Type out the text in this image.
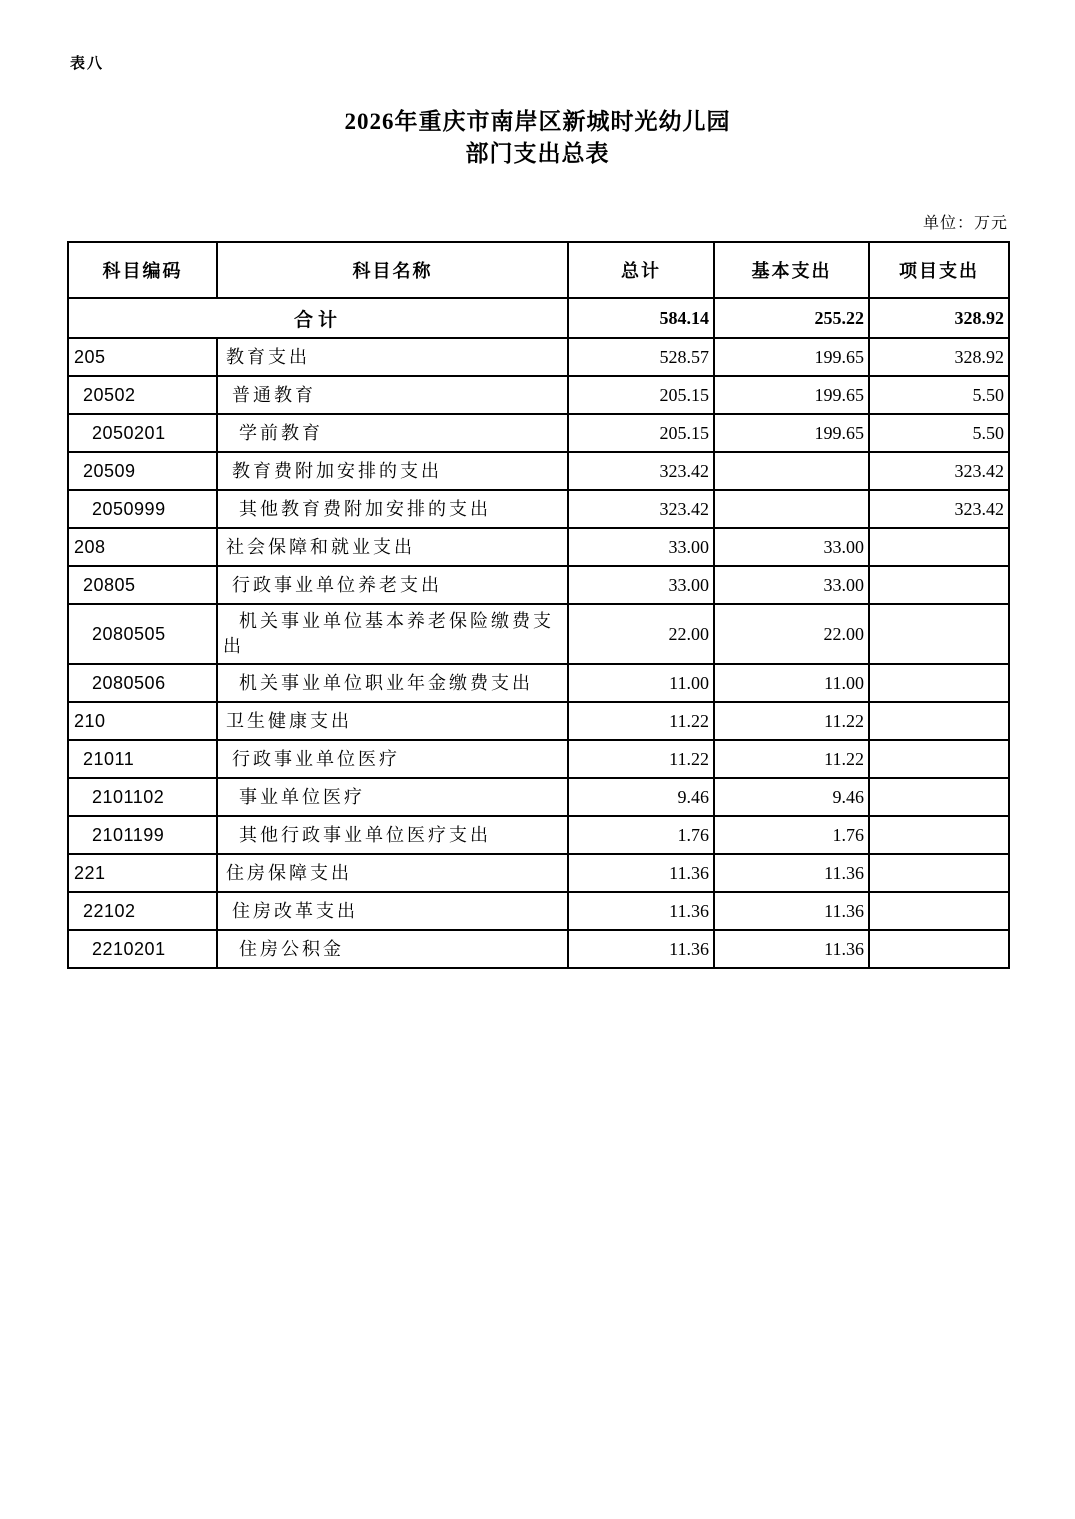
表八
2026年重庆市南岸区新城时光幼儿园
部门支出总表
单位：万元
科目编码	科目名称	总计	基本支出	项目支出
合计		584.14	255.22	328.92
205	教育支出	528.57	199.65	328.92
20502	普通教育	205.15	199.65	5.50
2050201	学前教育	205.15	199.65	5.50
20509	教育费附加安排的支出	323.42		323.42
2050999	其他教育费附加安排的支出	323.42		323.42
208	社会保障和就业支出	33.00	33.00	
20805	行政事业单位养老支出	33.00	33.00	
2080505	机关事业单位基本养老保险缴费支出	22.00	22.00	
2080506	机关事业单位职业年金缴费支出	11.00	11.00	
210	卫生健康支出	11.22	11.22	
21011	行政事业单位医疗	11.22	11.22	
2101102	事业单位医疗	9.46	9.46	
2101199	其他行政事业单位医疗支出	1.76	1.76	
221	住房保障支出	11.36	11.36	
22102	住房改革支出	11.36	11.36	
2210201	住房公积金	11.36	11.36	
